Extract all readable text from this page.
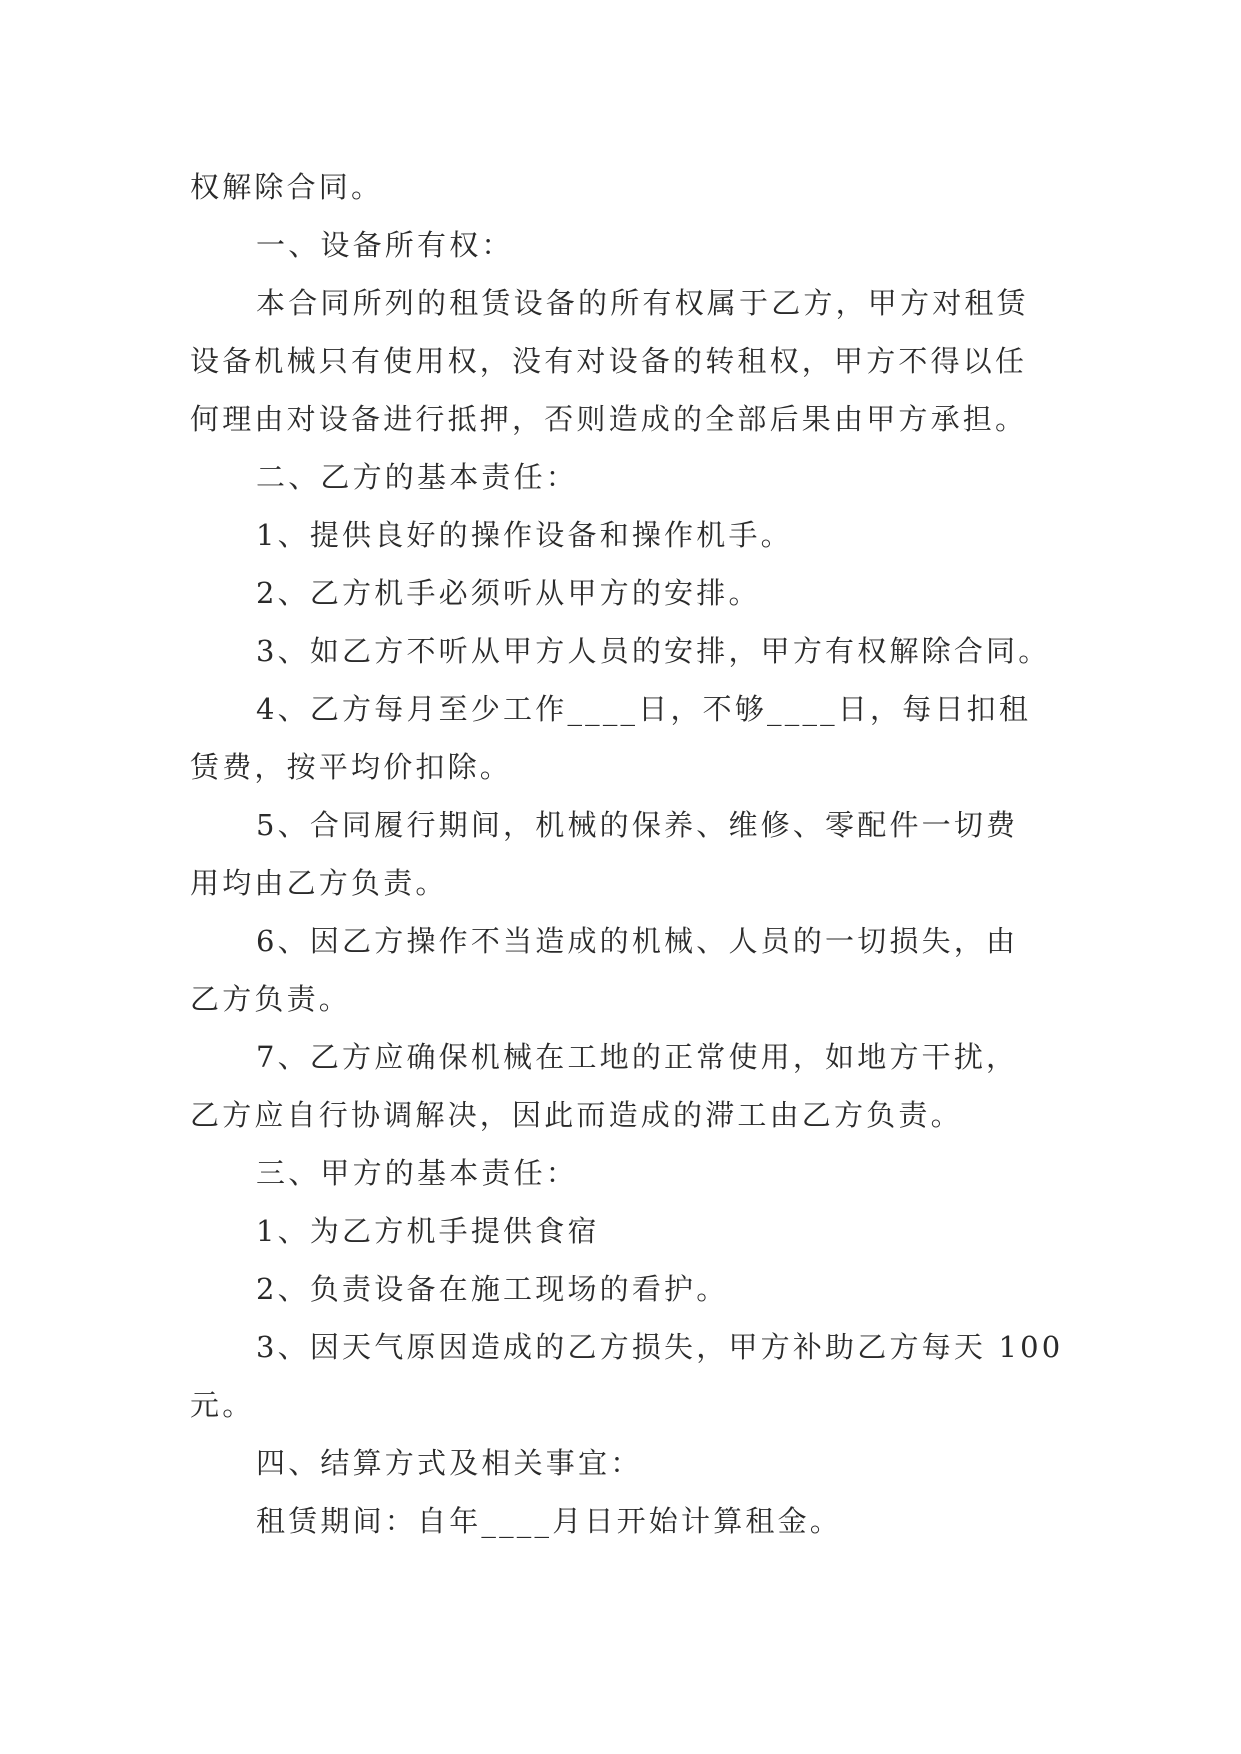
权解除合同。

一、设备所有权：

本合同所列的租赁设备的所有权属于乙方，甲方对租赁

设备机械只有使用权，没有对设备的转租权，甲方不得以任

何理由对设备进行抵押，否则造成的全部后果由甲方承担。

二、乙方的基本责任：

1、提供良好的操作设备和操作机手。

2、乙方机手必须听从甲方的安排。

3、如乙方不听从甲方人员的安排，甲方有权解除合同。

4、乙方每月至少工作____日，不够____日，每日扣租

赁费，按平均价扣除。

5、合同履行期间，机械的保养、维修、零配件一切费

用均由乙方负责。

6、因乙方操作不当造成的机械、人员的一切损失，由

乙方负责。

7、乙方应确保机械在工地的正常使用，如地方干扰，

乙方应自行协调解决，因此而造成的滞工由乙方负责。

三、甲方的基本责任：

1、为乙方机手提供食宿

2、负责设备在施工现场的看护。

3、因天气原因造成的乙方损失，甲方补助乙方每天 100

元。

四、结算方式及相关事宜：

租赁期间：自年____月日开始计算租金。
